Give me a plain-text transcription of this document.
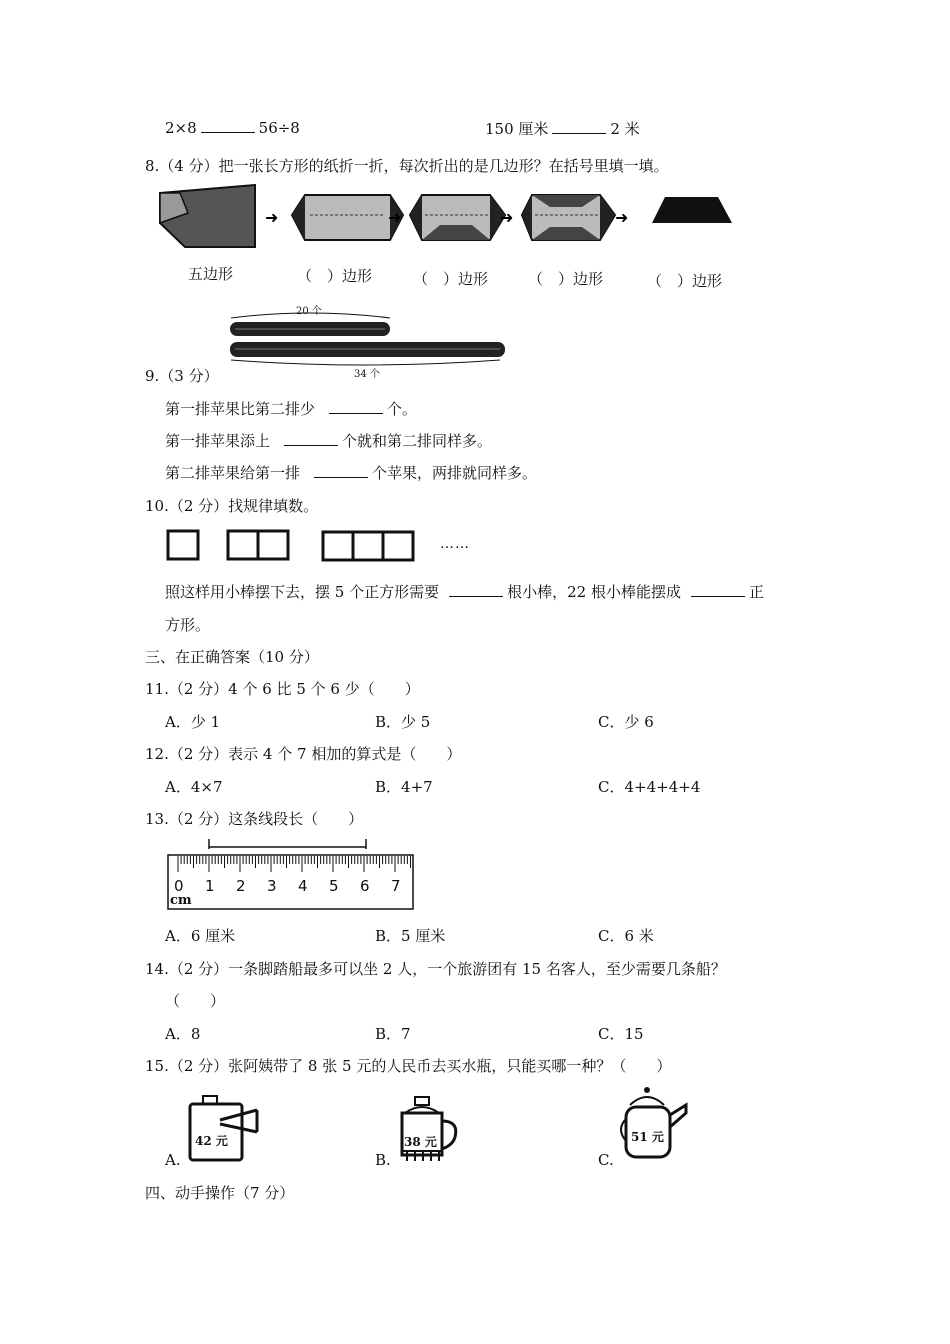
2×8	56÷8	150 厘米	2 米
8.（4 分）把一张长方形的纸折一折，每次折出的是几边形？在括号里填一填。
➜	➜	➜	➜
五边形	（　）边形	（　）边形	（　）边形	（　）边形
20 个
34 个
9.（3 分）
第一排苹果比第二排少	个。
第一排苹果添上	个就和第二排同样多。
第二排苹果给第一排	个苹果，两排就同样多。
10.（2 分）找规律填数。
……
照这样用小棒摆下去，摆 5 个正方形需要	根小棒，22 根小棒能摆成	正
方形。
三、在正确答案（10 分）
11.（2 分）4 个 6 比 5 个 6 少（　　）
A．少 1	B．少 5	C．少 6
12.（2 分）表示 4 个 7 相加的算式是（　　）
A．4×7	B．4+7	C．4+4+4+4
13.（2 分）这条线段长（　　）
0 1 2 3 4 5 6 7
cm
A．6 厘米	B．5 厘米	C．6 米
14.（2 分）一条脚踏船最多可以坐 2 人，一个旅游团有 15 名客人，至少需要几条船？
（　　）
A．8	B．7	C．15
15.（2 分）张阿姨带了 8 张 5 元的人民币去买水瓶，只能买哪一种？（　　）
A.
42 元
B.
38 元
C.
51 元
四、动手操作（7 分）
